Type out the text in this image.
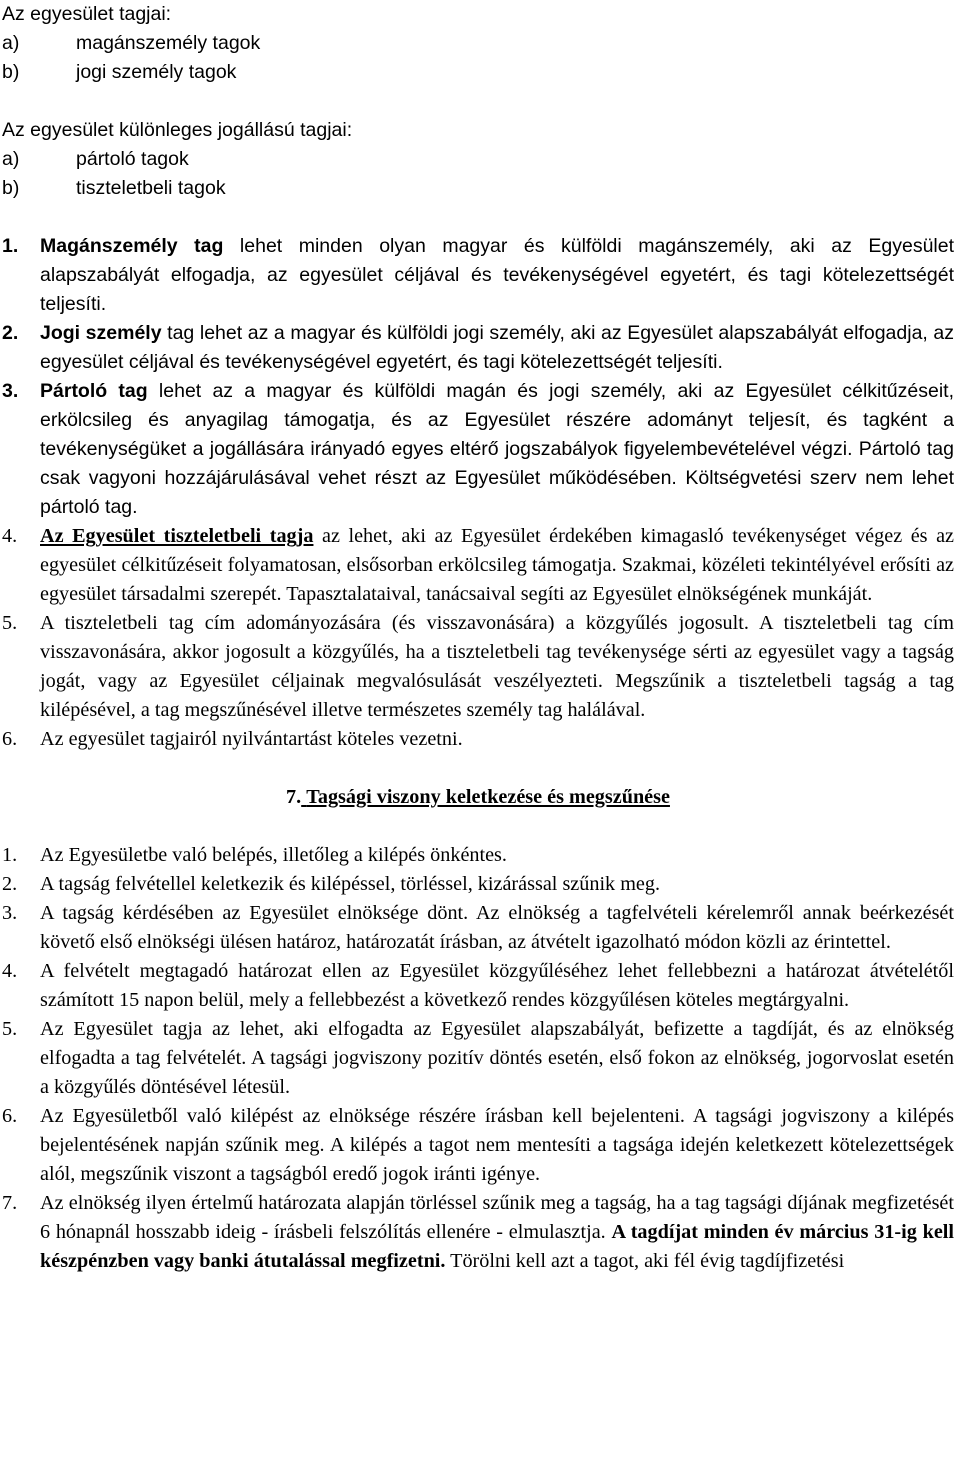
Az egyesület tagjai:
a)	magánszemély tagok
b)	jogi személy tagok
Az egyesület különleges jogállású tagjai:
a)	pártoló tagok
b)	tiszteletbeli tagok
1.	Magánszemély tag lehet minden olyan magyar és külföldi magánszemély, aki az Egyesület alapszabályát elfogadja, az egyesület céljával és tevékenységével egyetért, és tagi kötelezettségét teljesíti.
2.	Jogi személy tag lehet az a magyar és külföldi jogi személy, aki az Egyesület alapszabályát elfogadja, az egyesület céljával és tevékenységével egyetért, és tagi kötelezettségét teljesíti.
3.	Pártoló tag lehet az a magyar és külföldi magán és jogi személy, aki az Egyesület célkitűzéseit, erkölcsileg és anyagilag támogatja, és az Egyesület részére adományt teljesít, és tagként a tevékenységüket a jogállására irányadó egyes eltérő jogszabályok figyelembevételével végzi. Pártoló tag csak vagyoni hozzájárulásával vehet részt az Egyesület működésében. Költségvetési szerv nem lehet pártoló tag.
4.	Az Egyesület tiszteletbeli tagja az lehet, aki az Egyesület érdekében kimagasló tevékenységet végez és az egyesület célkitűzéseit folyamatosan, elsősorban erkölcsileg támogatja. Szakmai, közéleti tekintélyével erősíti az egyesület társadalmi szerepét. Tapasztalataival, tanácsaival segíti az Egyesület elnökségének munkáját.
5.	A tiszteletbeli tag cím adományozására (és visszavonására) a közgyűlés jogosult. A tiszteletbeli tag cím visszavonására, akkor jogosult a közgyűlés, ha a tiszteletbeli tag tevékenysége sérti az egyesület vagy a tagság jogát, vagy az Egyesület céljainak megvalósulását veszélyezteti. Megszűnik a tiszteletbeli tagság a tag kilépésével, a tag megszűnésével illetve természetes személy tag halálával.
6.	Az egyesület tagjairól nyilvántartást köteles vezetni.
7. Tagsági viszony keletkezése és megszűnése
1.	Az Egyesületbe való belépés, illetőleg a kilépés önkéntes.
2.	A tagság felvétellel keletkezik és kilépéssel, törléssel, kizárással szűnik meg.
3.	A tagság kérdésében az Egyesület elnöksége dönt. Az elnökség a tagfelvételi kérelemről annak beérkezését követő első elnökségi ülésen határoz, határozatát írásban, az átvételt igazolható módon közli az érintettel.
4.	A felvételt megtagadó határozat ellen az Egyesület közgyűléséhez lehet fellebbezni a határozat átvételétől számított 15 napon belül, mely a fellebbezést a következő rendes közgyűlésen köteles megtárgyalni.
5.	Az Egyesület tagja az lehet, aki elfogadta az Egyesület alapszabályát, befizette a tagdíját, és az elnökség elfogadta a tag felvételét. A tagsági jogviszony pozitív döntés esetén, első fokon az elnökség, jogorvoslat esetén a közgyűlés döntésével létesül.
6.	Az Egyesületből való kilépést az elnöksége részére írásban kell bejelenteni. A tagsági jogviszony a kilépés bejelentésének napján szűnik meg. A kilépés a tagot nem mentesíti a tagsága idején keletkezett kötelezettségek alól, megszűnik viszont a tagságból eredő jogok iránti igénye.
7.	Az elnökség ilyen értelmű határozata alapján törléssel szűnik meg a tagság, ha a tag tagsági díjának megfizetését 6 hónapnál hosszabb ideig - írásbeli felszólítás ellenére - elmulasztja. A tagdíjat minden év március 31-ig kell készpénzben vagy banki átutalással megfizetni. Törölni kell azt a tagot, aki fél évig tagdíjfizetési
